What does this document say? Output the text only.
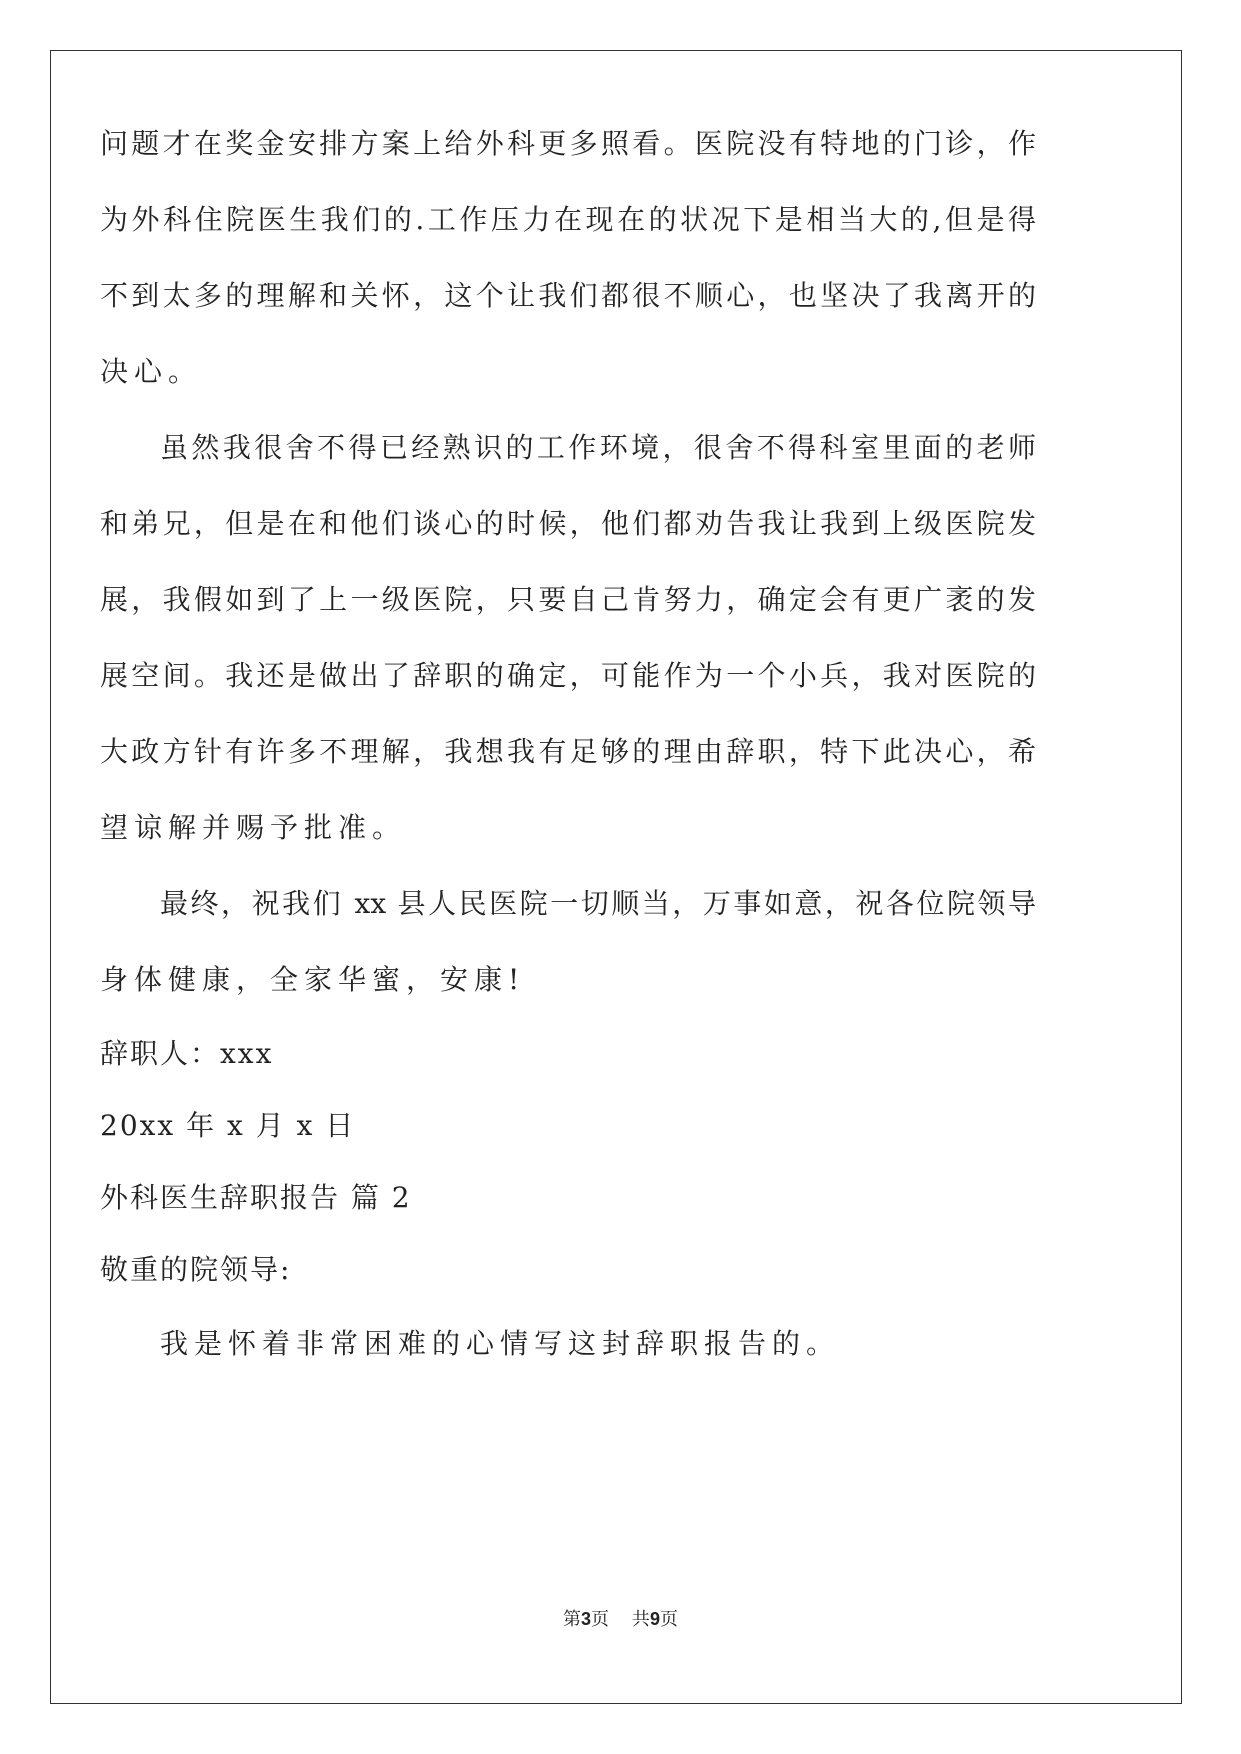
问题才在奖金安排方案上给外科更多照看。医院没有特地的门诊，作
为外科住院医生我们的.工作压力在现在的状况下是相当大的,但是得
不到太多的理解和关怀，这个让我们都很不顺心，也坚决了我离开的
决心。
虽然我很舍不得已经熟识的工作环境，很舍不得科室里面的老师
和弟兄，但是在和他们谈心的时候，他们都劝告我让我到上级医院发
展，我假如到了上一级医院，只要自己肯努力，确定会有更广袤的发
展空间。我还是做出了辞职的确定，可能作为一个小兵，我对医院的
大政方针有许多不理解，我想我有足够的理由辞职，特下此决心，希
望谅解并赐予批准。
最终，祝我们 xx 县人民医院一切顺当，万事如意，祝各位院领导
身体健康，全家华蜜，安康!
辞职人：xxx
20xx 年 x 月 x 日
外科医生辞职报告 篇 2
敬重的院领导:
我是怀着非常困难的心情写这封辞职报告的。
第3页    共9页
